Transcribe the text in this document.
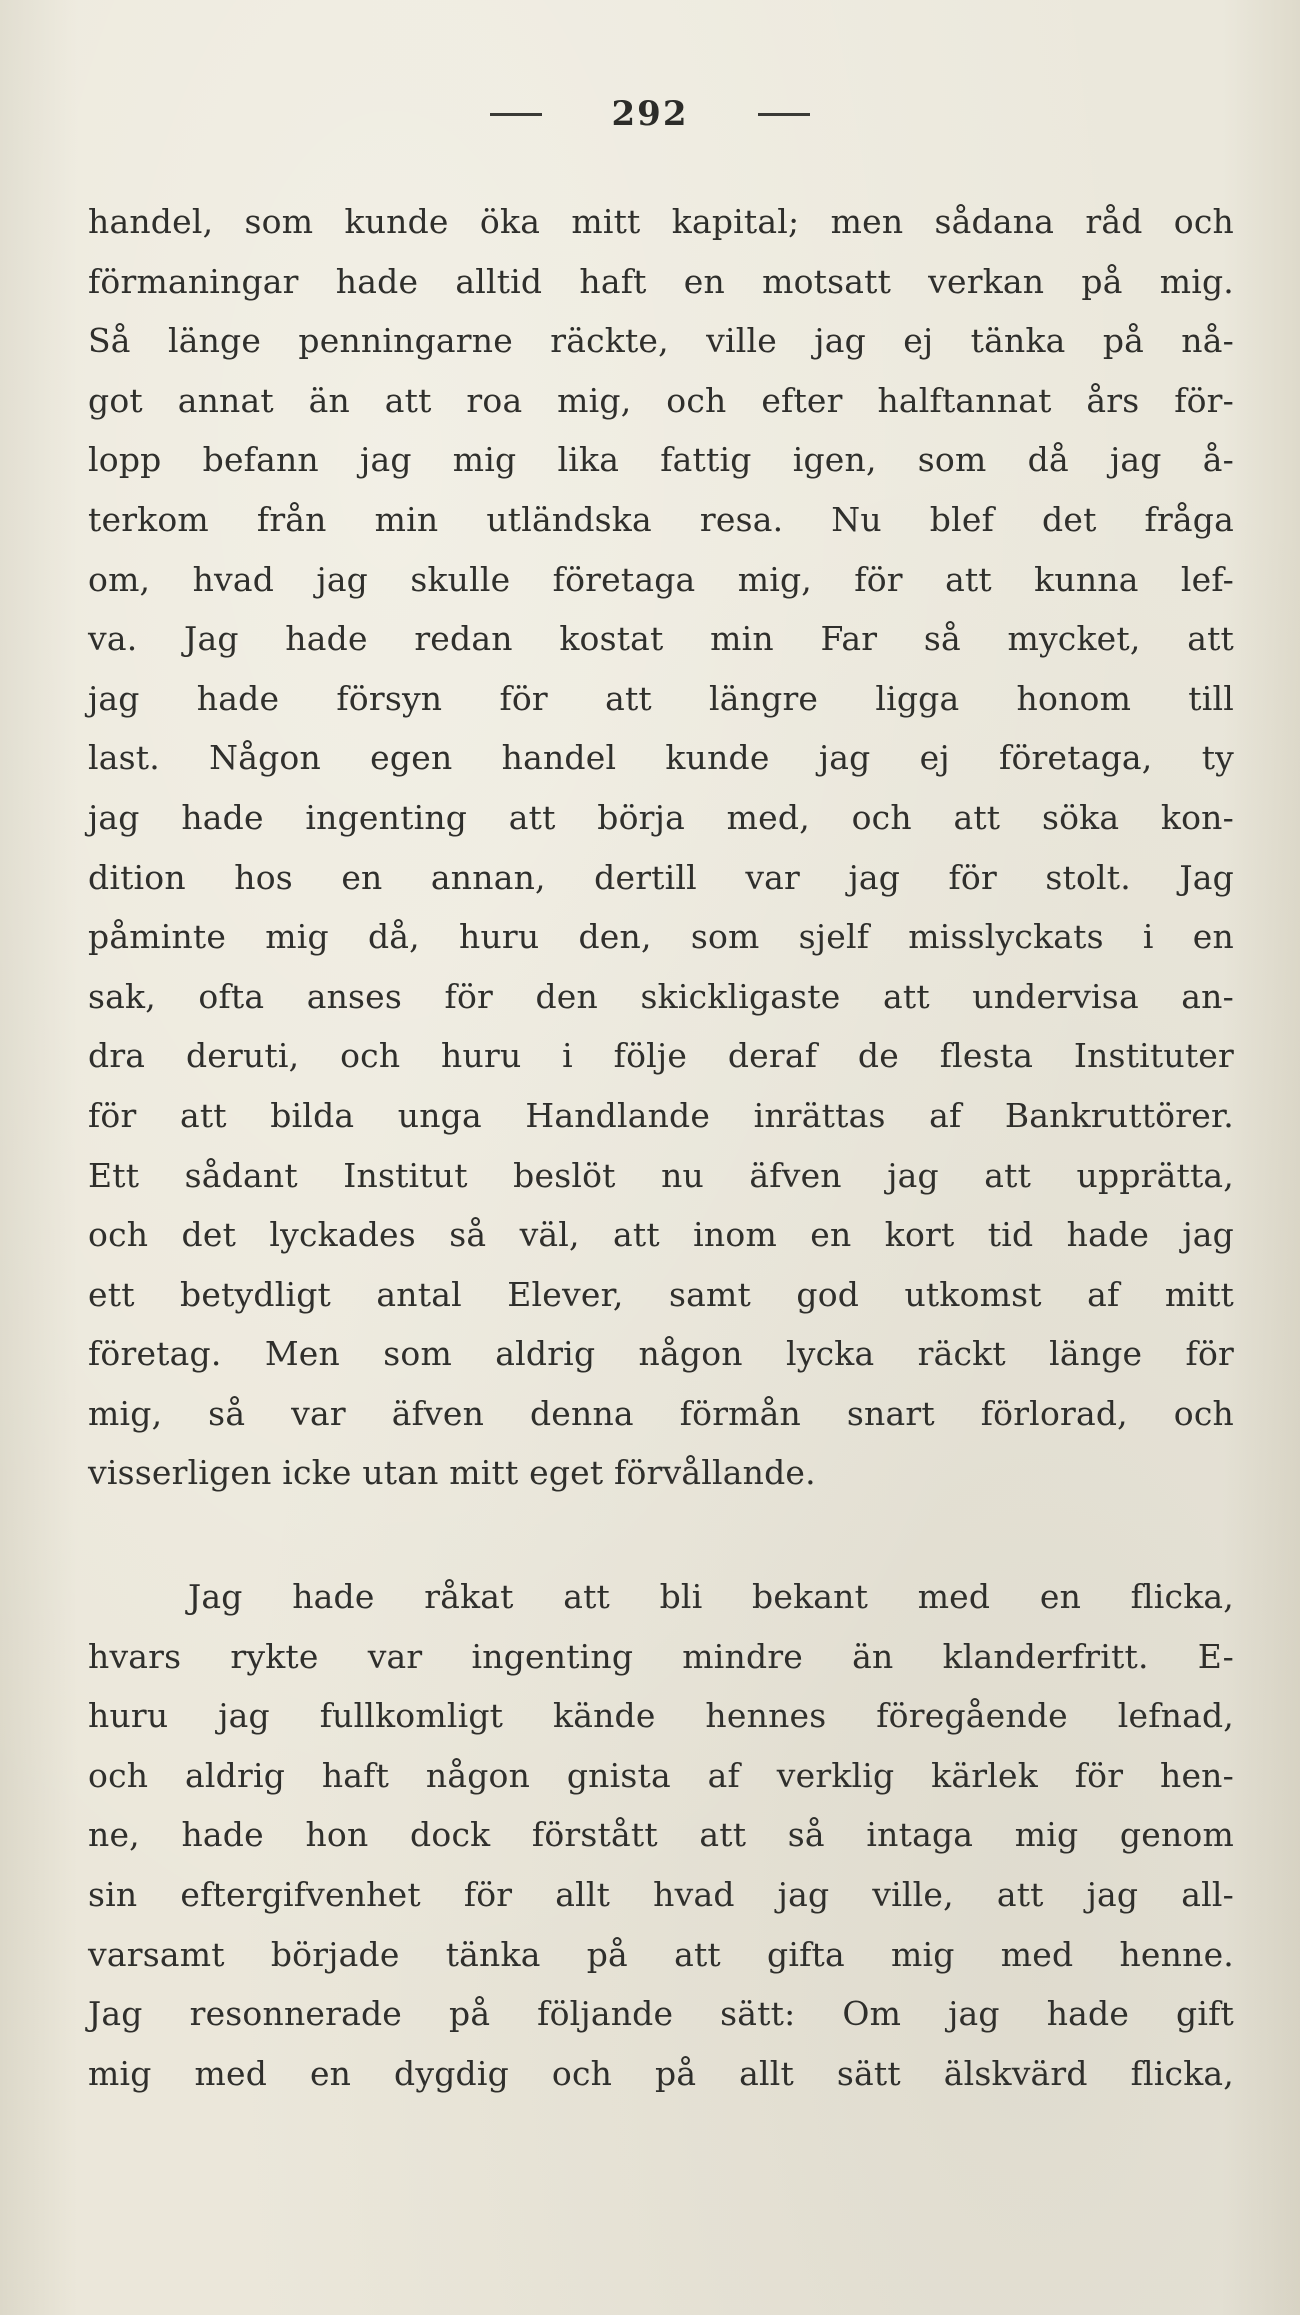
292
handel, som kunde öka mitt kapital; men sådana råd och
förmaningar hade alltid haft en motsatt verkan på mig.
Så länge penningarne räckte, ville jag ej tänka på nå-
got annat än att roa mig, och efter halftannat års för-
lopp befann jag mig lika fattig igen, som då jag å-
terkom från min utländska resa. Nu blef det fråga
om, hvad jag skulle företaga mig, för att kunna lef-
va. Jag hade redan kostat min Far så mycket, att
jag hade försyn för att längre ligga honom till
last. Någon egen handel kunde jag ej företaga, ty
jag hade ingenting att börja med, och att söka kon-
dition hos en annan, dertill var jag för stolt. Jag
påminte mig då, huru den, som sjelf misslyckats i en
sak, ofta anses för den skickligaste att undervisa an-
dra deruti, och huru i följe deraf de flesta Instituter
för att bilda unga Handlande inrättas af Bankruttörer.
Ett sådant Institut beslöt nu äfven jag att upprätta,
och det lyckades så väl, att inom en kort tid hade jag
ett betydligt antal Elever, samt god utkomst af mitt
företag. Men som aldrig någon lycka räckt länge för
mig, så var äfven denna förmån snart förlorad, och
visserligen icke utan mitt eget förvållande.
Jag hade råkat att bli bekant med en flicka,
hvars rykte var ingenting mindre än klanderfritt. E-
huru jag fullkomligt kände hennes föregående lefnad,
och aldrig haft någon gnista af verklig kärlek för hen-
ne, hade hon dock förstått att så intaga mig genom
sin eftergifvenhet för allt hvad jag ville, att jag all-
varsamt började tänka på att gifta mig med henne.
Jag resonnerade på följande sätt: Om jag hade gift
mig med en dygdig och på allt sätt älskvärd flicka,
